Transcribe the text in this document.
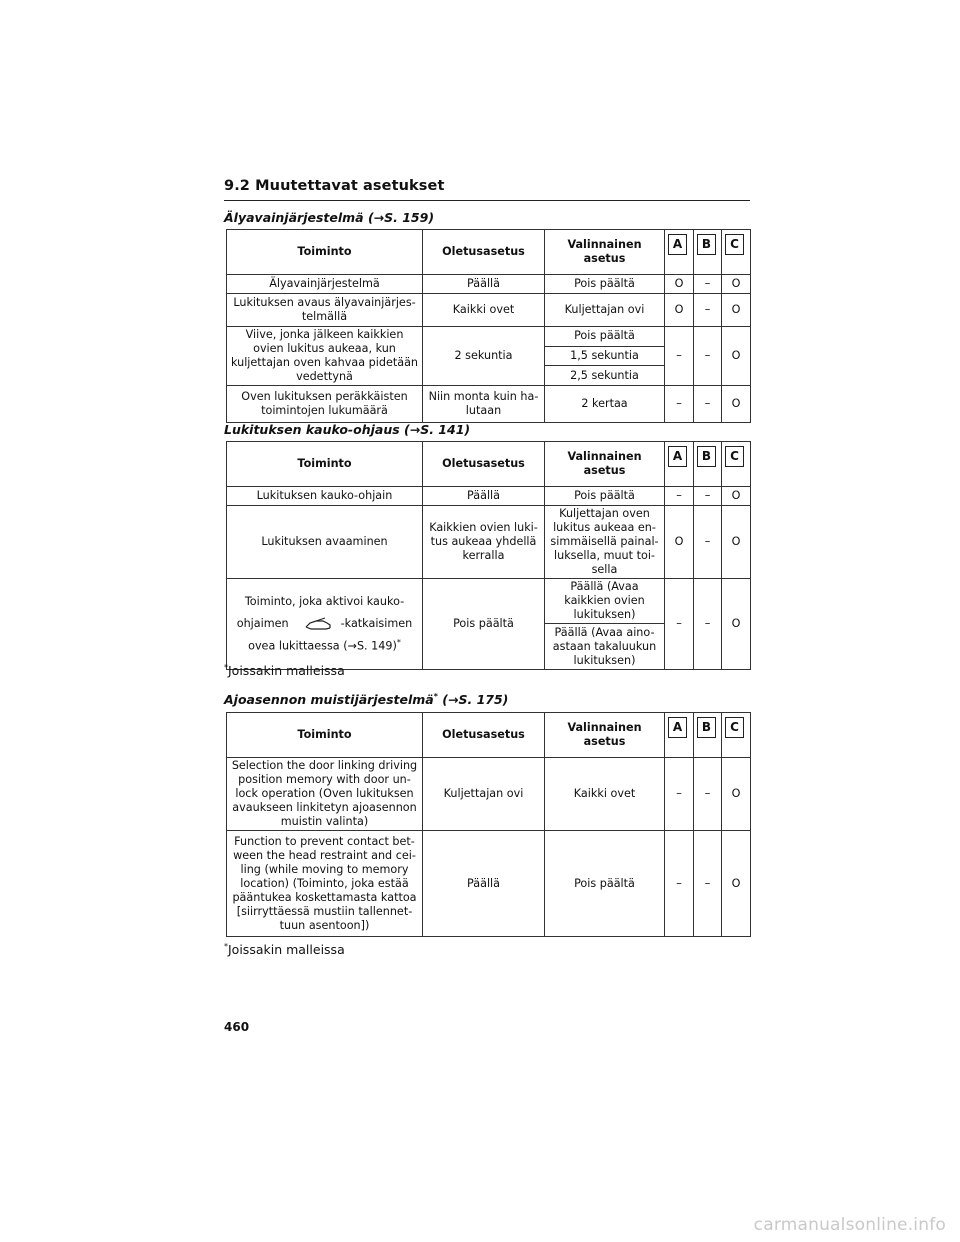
9.2 Muutettavat asetukset
Älyavainjärjestelmä (→S. 159)
Toiminto	Oletusasetus	Valinnainen asetus	A	B	C

Älyavainjärjestelmä	Päällä	Pois päältä	O	–	O
Lukituksen avaus älyavainjärjes-telmällä	Kaikki ovet	Kuljettajan ovi	O	–	O
Viive, jonka jälkeen kaikkien ovien lukitus aukeaa, kun kuljettajan oven kahvaa pidetään vedettynä	2 sekuntia	Pois päältä	–	–	O
		1,5 sekuntia			
		2,5 sekuntia			
Oven lukituksen peräkkäisten toimintojen lukumäärä	Niin monta kuin ha-lutaan	2 kertaa	–	–	O
Lukituksen kauko-ohjaus (→S. 141)
Toiminto	Oletusasetus	Valinnainen asetus	A	B	C

Lukituksen kauko-ohjain	Päällä	Pois päältä	–	–	O
Lukituksen avaaminen	Kaikkien ovien luki-tus aukeaa yhdellä kerralla	Kuljettajan oven lukitus aukeaa en-simmäisellä painal-luksella, muut toi-sella	O	–	O
Toiminto, joka aktivoi kauko-
ohjaimen -katkaisimen
ovea lukittaessa (→S. 149)*	Pois päältä	Päällä (Avaa kaikkien ovien lukituksen)	–	–	O
		Päällä (Avaa aino-astaan takaluukun lukituksen)			
*Joissakin malleissa
Ajoasennon muistijärjestelmä* (→S. 175)
Toiminto	Oletusasetus	Valinnainen asetus	A	B	C

Selection the door linking driving position memory with door un-lock operation (Oven lukituksen avaukseen linkitetyn ajoasennon muistin valinta)	Kuljettajan ovi	Kaikki ovet	–	–	O
Function to prevent contact bet-ween the head restraint and cei-ling (while moving to memory location) (Toiminto, joka estää pääntukea koskettamasta kattoa [siirryttäessä mustiin tallennet-tuun asentoon])	Päällä	Pois päältä	–	–	O
*Joissakin malleissa
460
carmanualsonline.info
